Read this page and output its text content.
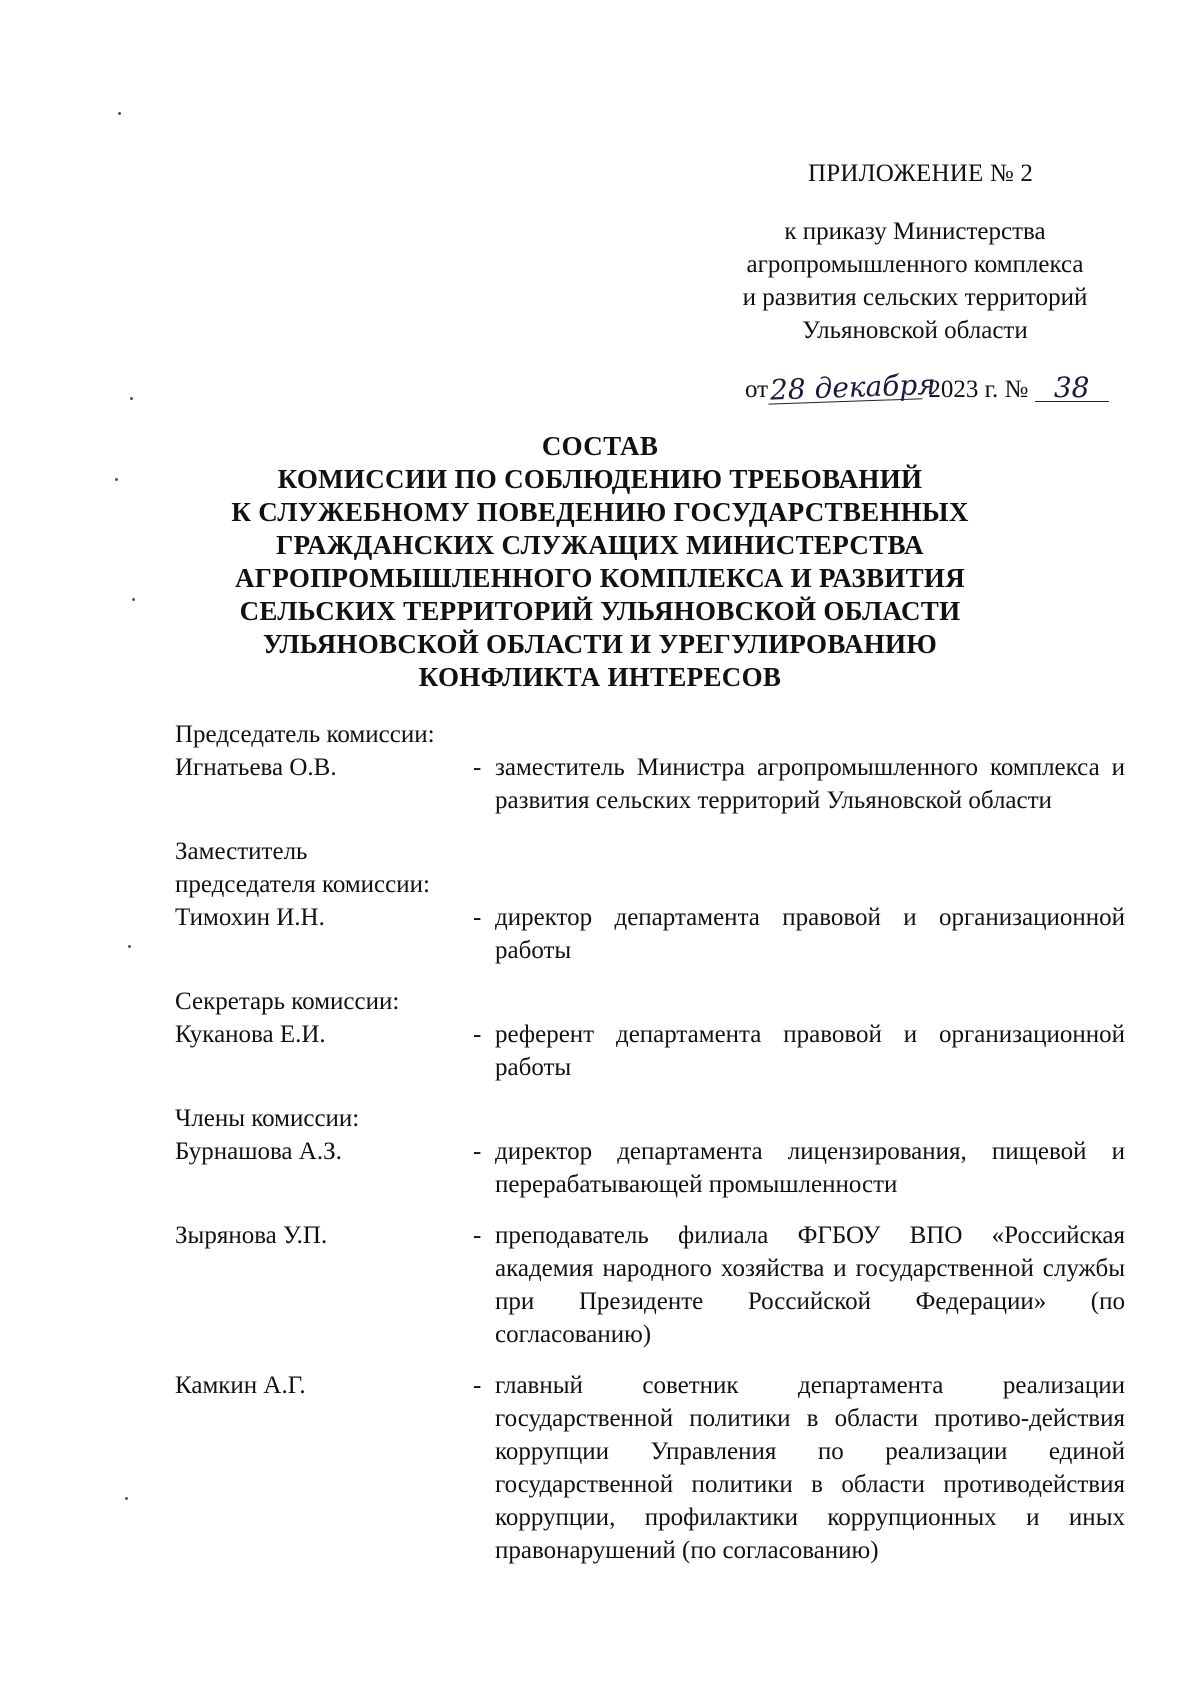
ПРИЛОЖЕНИЕ № 2
к приказу Министерства
агропромышленного комплекса
и развития сельских территорий
Ульяновской области
от28 декабря 2023 г. № 38
СОСТАВ
КОМИССИИ ПО СОБЛЮДЕНИЮ ТРЕБОВАНИЙ
К СЛУЖЕБНОМУ ПОВЕДЕНИЮ ГОСУДАРСТВЕННЫХ
ГРАЖДАНСКИХ СЛУЖАЩИХ МИНИСТЕРСТВА
АГРОПРОМЫШЛЕННОГО КОМПЛЕКСА И РАЗВИТИЯ
СЕЛЬСКИХ ТЕРРИТОРИЙ УЛЬЯНОВСКОЙ ОБЛАСТИ
УЛЬЯНОВСКОЙ ОБЛАСТИ И УРЕГУЛИРОВАНИЮ
КОНФЛИКТА ИНТЕРЕСОВ
Председатель комиссии:
Игнатьева О.В.	- заместитель Министра агропромышленного комплекса и развития сельских территорий Ульяновской области
Заместитель
председателя комиссии:
Тимохин И.Н.	- директор департамента правовой и организационной работы
Секретарь комиссии:
Куканова Е.И.	- референт департамента правовой и организационной работы
Члены комиссии:
Бурнашова А.З.	- директор департамента лицензирования, пищевой и перерабатывающей промышленности
Зырянова У.П.	- преподаватель филиала ФГБОУ ВПО «Российская академия народного хозяйства и государственной службы при Президенте Российской Федерации» (по согласованию)
Камкин А.Г.	- главный советник департамента реализации государственной политики в области противо-действия коррупции Управления по реализации единой государственной политики в области противодействия коррупции, профилактики коррупционных и иных правонарушений (по согласованию)
